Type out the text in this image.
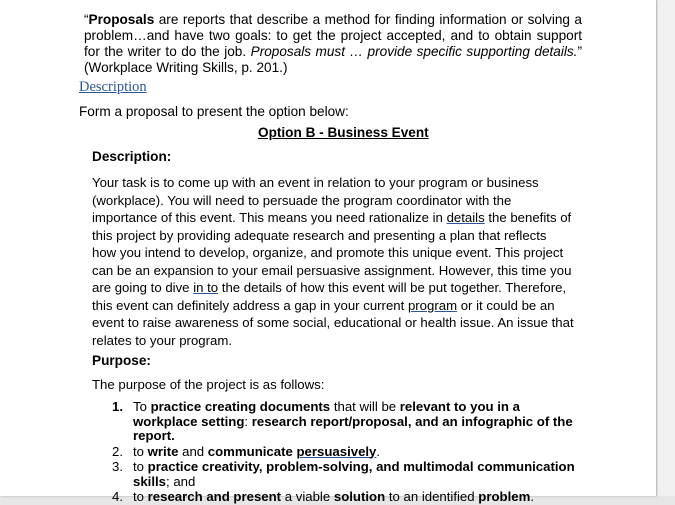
“Proposals are reports that describe a method for finding information or solving a problem…and have two goals: to get the project accepted, and to obtain support for the writer to do the job. Proposals must … provide specific supporting details.” (Workplace Writing Skills, p. 201.)
Description
Form a proposal to present the option below:
Option B - Business Event
Description:
Your task is to come up with an event in relation to your program or business (workplace). You will need to persuade the program coordinator with the importance of this event. This means you need rationalize in details the benefits of this project by providing adequate research and presenting a plan that reflects how you intend to develop, organize, and promote this unique event. This project can be an expansion to your email persuasive assignment. However, this time you are going to dive in to the details of how this event will be put together. Therefore, this event can definitely address a gap in your current program or it could be an event to raise awareness of some social, educational or health issue. An issue that relates to your program.
Purpose:
The purpose of the project is as follows:
1. To practice creating documents that will be relevant to you in a workplace setting: research report/proposal, and an infographic of the report.
2. to write and communicate persuasively.
3. to practice creativity, problem-solving, and multimodal communication skills; and
4. to research and present a viable solution to an identified problem.
